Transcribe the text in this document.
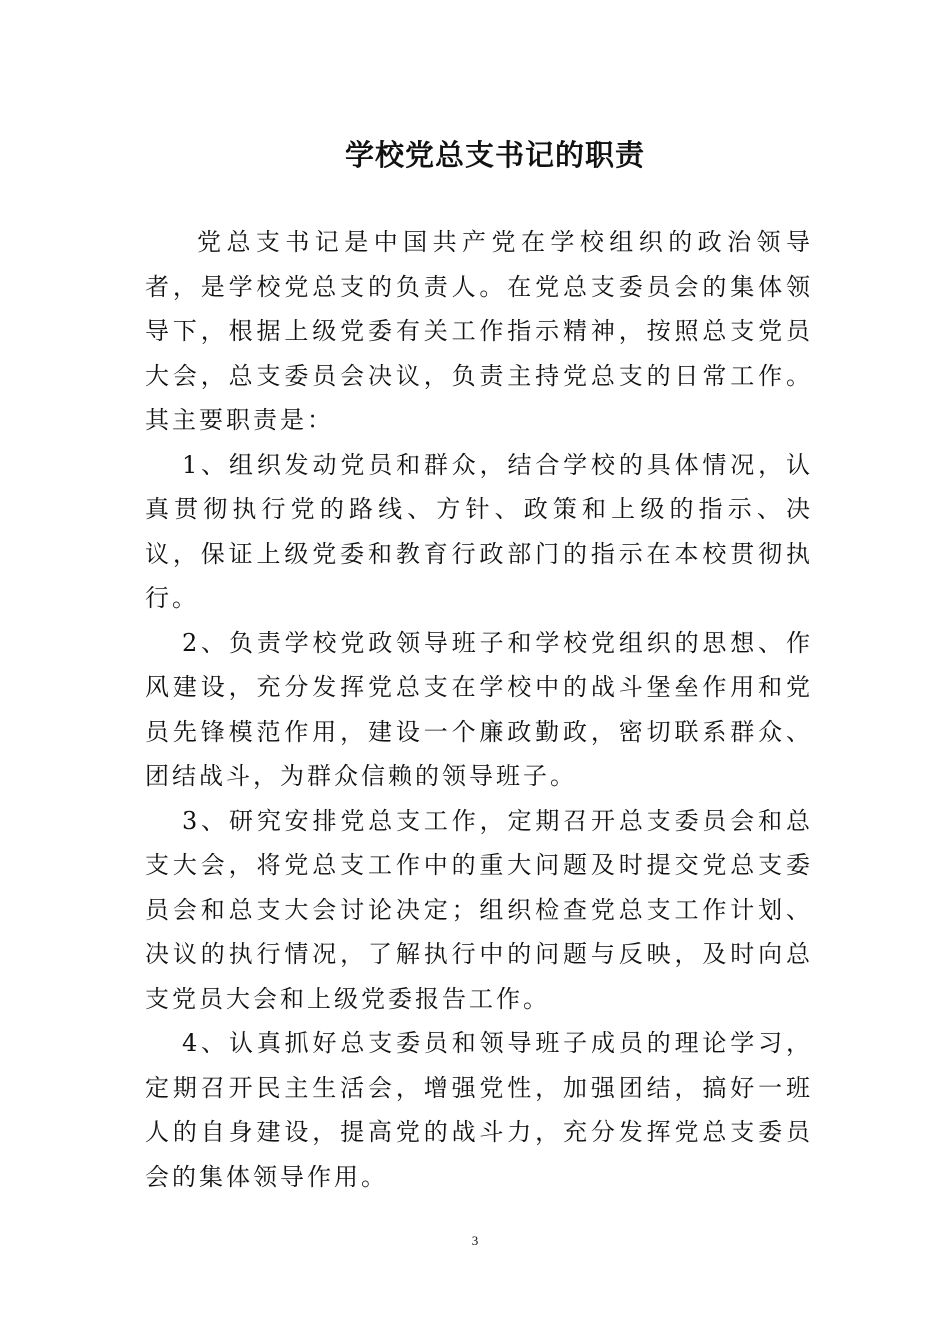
学校党总支书记的职责

党总支书记是中国共产党在学校组织的政治领导者，是学校党总支的负责人。在党总支委员会的集体领导下，根据上级党委有关工作指示精神，按照总支党员大会，总支委员会决议，负责主持党总支的日常工作。其主要职责是：

1、组织发动党员和群众，结合学校的具体情况，认真贯彻执行党的路线、方针、政策和上级的指示、决议，保证上级党委和教育行政部门的指示在本校贯彻执行。

2、负责学校党政领导班子和学校党组织的思想、作风建设，充分发挥党总支在学校中的战斗堡垒作用和党员先锋模范作用，建设一个廉政勤政，密切联系群众、团结战斗，为群众信赖的领导班子。

3、研究安排党总支工作，定期召开总支委员会和总支大会，将党总支工作中的重大问题及时提交党总支委员会和总支大会讨论决定；组织检查党总支工作计划、决议的执行情况，了解执行中的问题与反映，及时向总支党员大会和上级党委报告工作。

4、认真抓好总支委员和领导班子成员的理论学习，定期召开民主生活会，增强党性，加强团结，搞好一班人的自身建设，提高党的战斗力，充分发挥党总支委员会的集体领导作用。

3
